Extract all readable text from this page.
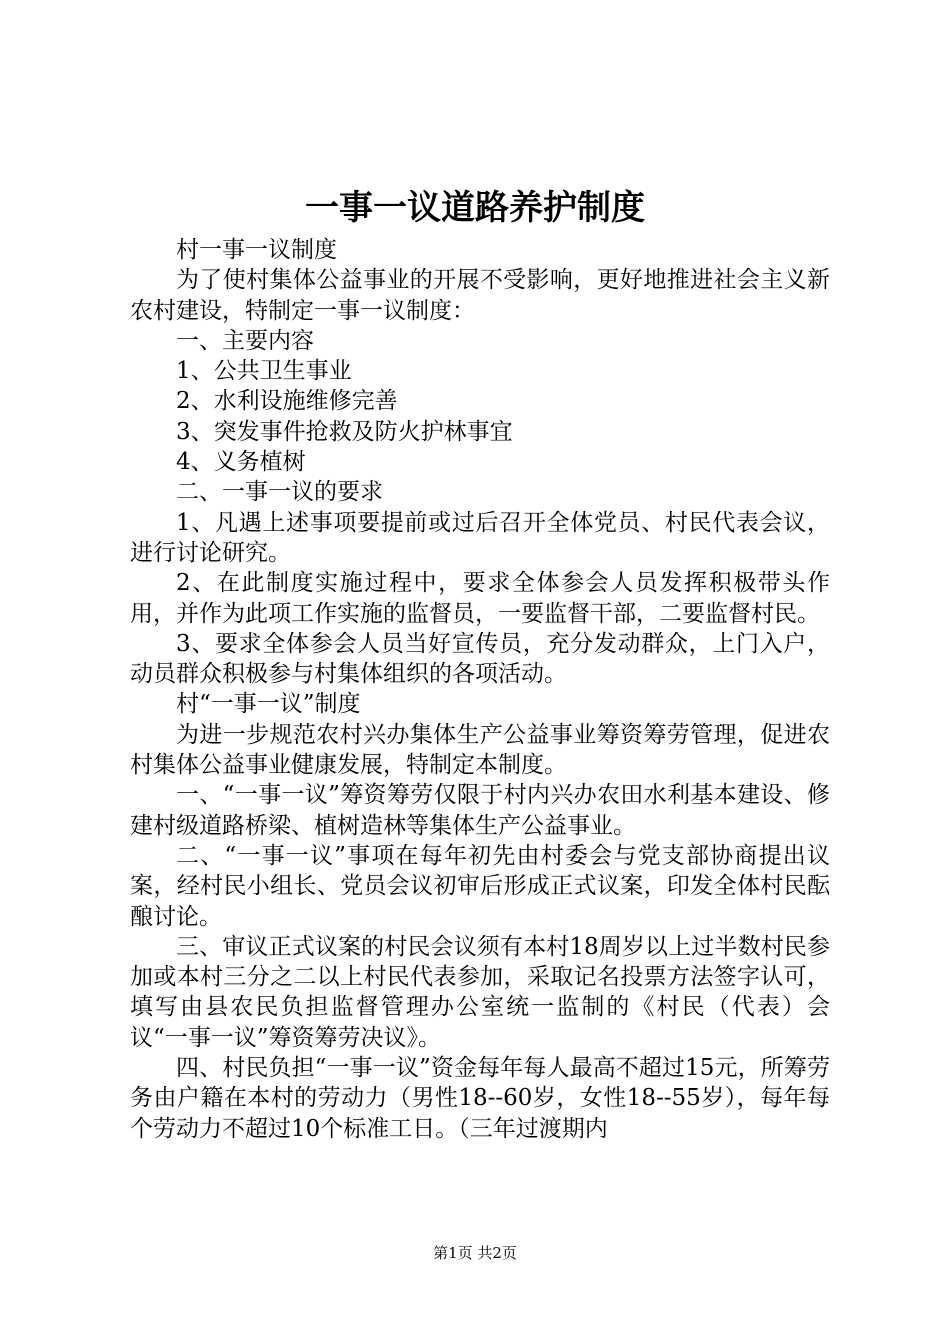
一事一议道路养护制度

村一事一议制度

为了使村集体公益事业的开展不受影响，更好地推进社会主义新农村建设，特制定一事一议制度：

一、主要内容

1、公共卫生事业

2、水利设施维修完善

3、突发事件抢救及防火护林事宜

4、义务植树

二、一事一议的要求

1、凡遇上述事项要提前或过后召开全体党员、村民代表会议，进行讨论研究。

2、在此制度实施过程中，要求全体参会人员发挥积极带头作用，并作为此项工作实施的监督员，一要监督干部，二要监督村民。

3、要求全体参会人员当好宣传员，充分发动群众，上门入户，动员群众积极参与村集体组织的各项活动。

村“一事一议”制度

为进一步规范农村兴办集体生产公益事业筹资筹劳管理，促进农村集体公益事业健康发展，特制定本制度。

一、“一事一议”筹资筹劳仅限于村内兴办农田水利基本建设、修建村级道路桥梁、植树造林等集体生产公益事业。

二、“一事一议”事项在每年初先由村委会与党支部协商提出议案，经村民小组长、党员会议初审后形成正式议案，印发全体村民酝酿讨论。

三、审议正式议案的村民会议须有本村18周岁以上过半数村民参加或本村三分之二以上村民代表参加，采取记名投票方法签字认可，填写由县农民负担监督管理办公室统一监制的《村民（代表）会议“一事一议”筹资筹劳决议》。

四、村民负担“一事一议”资金每年每人最高不超过15元，所筹劳务由户籍在本村的劳动力（男性18--60岁，女性18--55岁），每年每个劳动力不超过10个标准工日。（三年过渡期内

第1页 共2页
